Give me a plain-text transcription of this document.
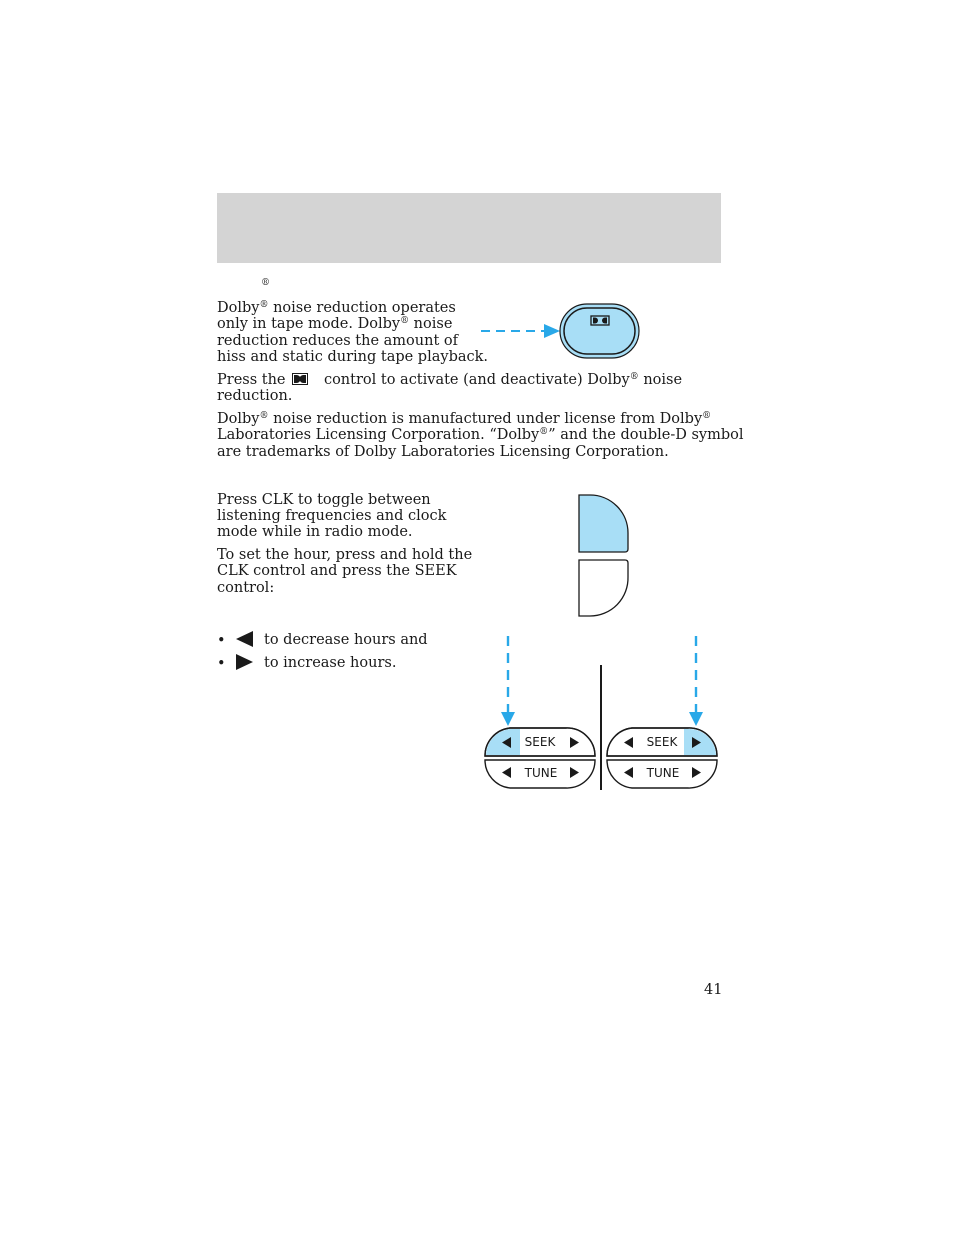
®
Dolby® noise reduction operates
only in tape mode. Dolby® noise
reduction reduces the amount of
hiss and static during tape playback.
Press the	control to activate (and deactivate) Dolby® noise
reduction.
Dolby® noise reduction is manufactured under license from Dolby®
Laboratories Licensing Corporation. “Dolby®” and the double-D symbol
are trademarks of Dolby Laboratories Licensing Corporation.
Press CLK to toggle between
listening frequencies and clock
mode while in radio mode.
To set the hour, press and hold the
CLK control and press the SEEK
control:
•	to decrease hours and
•	to increase hours.
SEEK
TUNE
SEEK
TUNE
41
